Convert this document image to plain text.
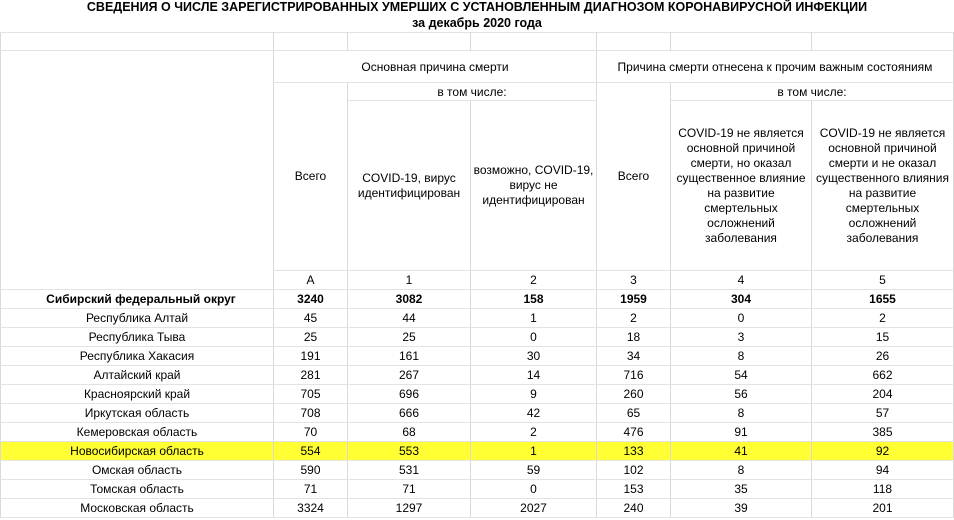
СВЕДЕНИЯ О ЧИСЛЕ ЗАРЕГИСТРИРОВАННЫХ УМЕРШИХ С УСТАНОВЛЕННЫМ ДИАГНОЗОМ КОРОНАВИРУСНОЙ ИНФЕКЦИИ
за декабрь 2020 года

	Основная причина смерти			Причина смерти отнесена к прочим важным состояниям			
	Всего	в том числе:		Всего	в том числе:		
		COVID-19, вирус идентифицирован	возможно, COVID-19, вирус не идентифицирован		COVID-19 не является основной причиной смерти, но оказал существенное влияние на развитие смертельных осложнений заболевания	COVID-19 не является основной причиной смерти и не оказал существенного влияния на развитие смертельных осложнений заболевания	
	А	1	2	3	4	5	
Сибирский федеральный округ	3240	3082	158	1959	304	1655	
Республика Алтай	45	44	1	2	0	2	
Республика Тыва	25	25	0	18	3	15	
Республика Хакасия	191	161	30	34	8	26	
Алтайский край	281	267	14	716	54	662	
Красноярский край	705	696	9	260	56	204	
Иркутская область	708	666	42	65	8	57	
Кемеровская область	70	68	2	476	91	385	
Новосибирская область	554	553	1	133	41	92	
Омская область	590	531	59	102	8	94	
Томская область	71	71	0	153	35	118	
Московская область	3324	1297	2027	240	39	201	
